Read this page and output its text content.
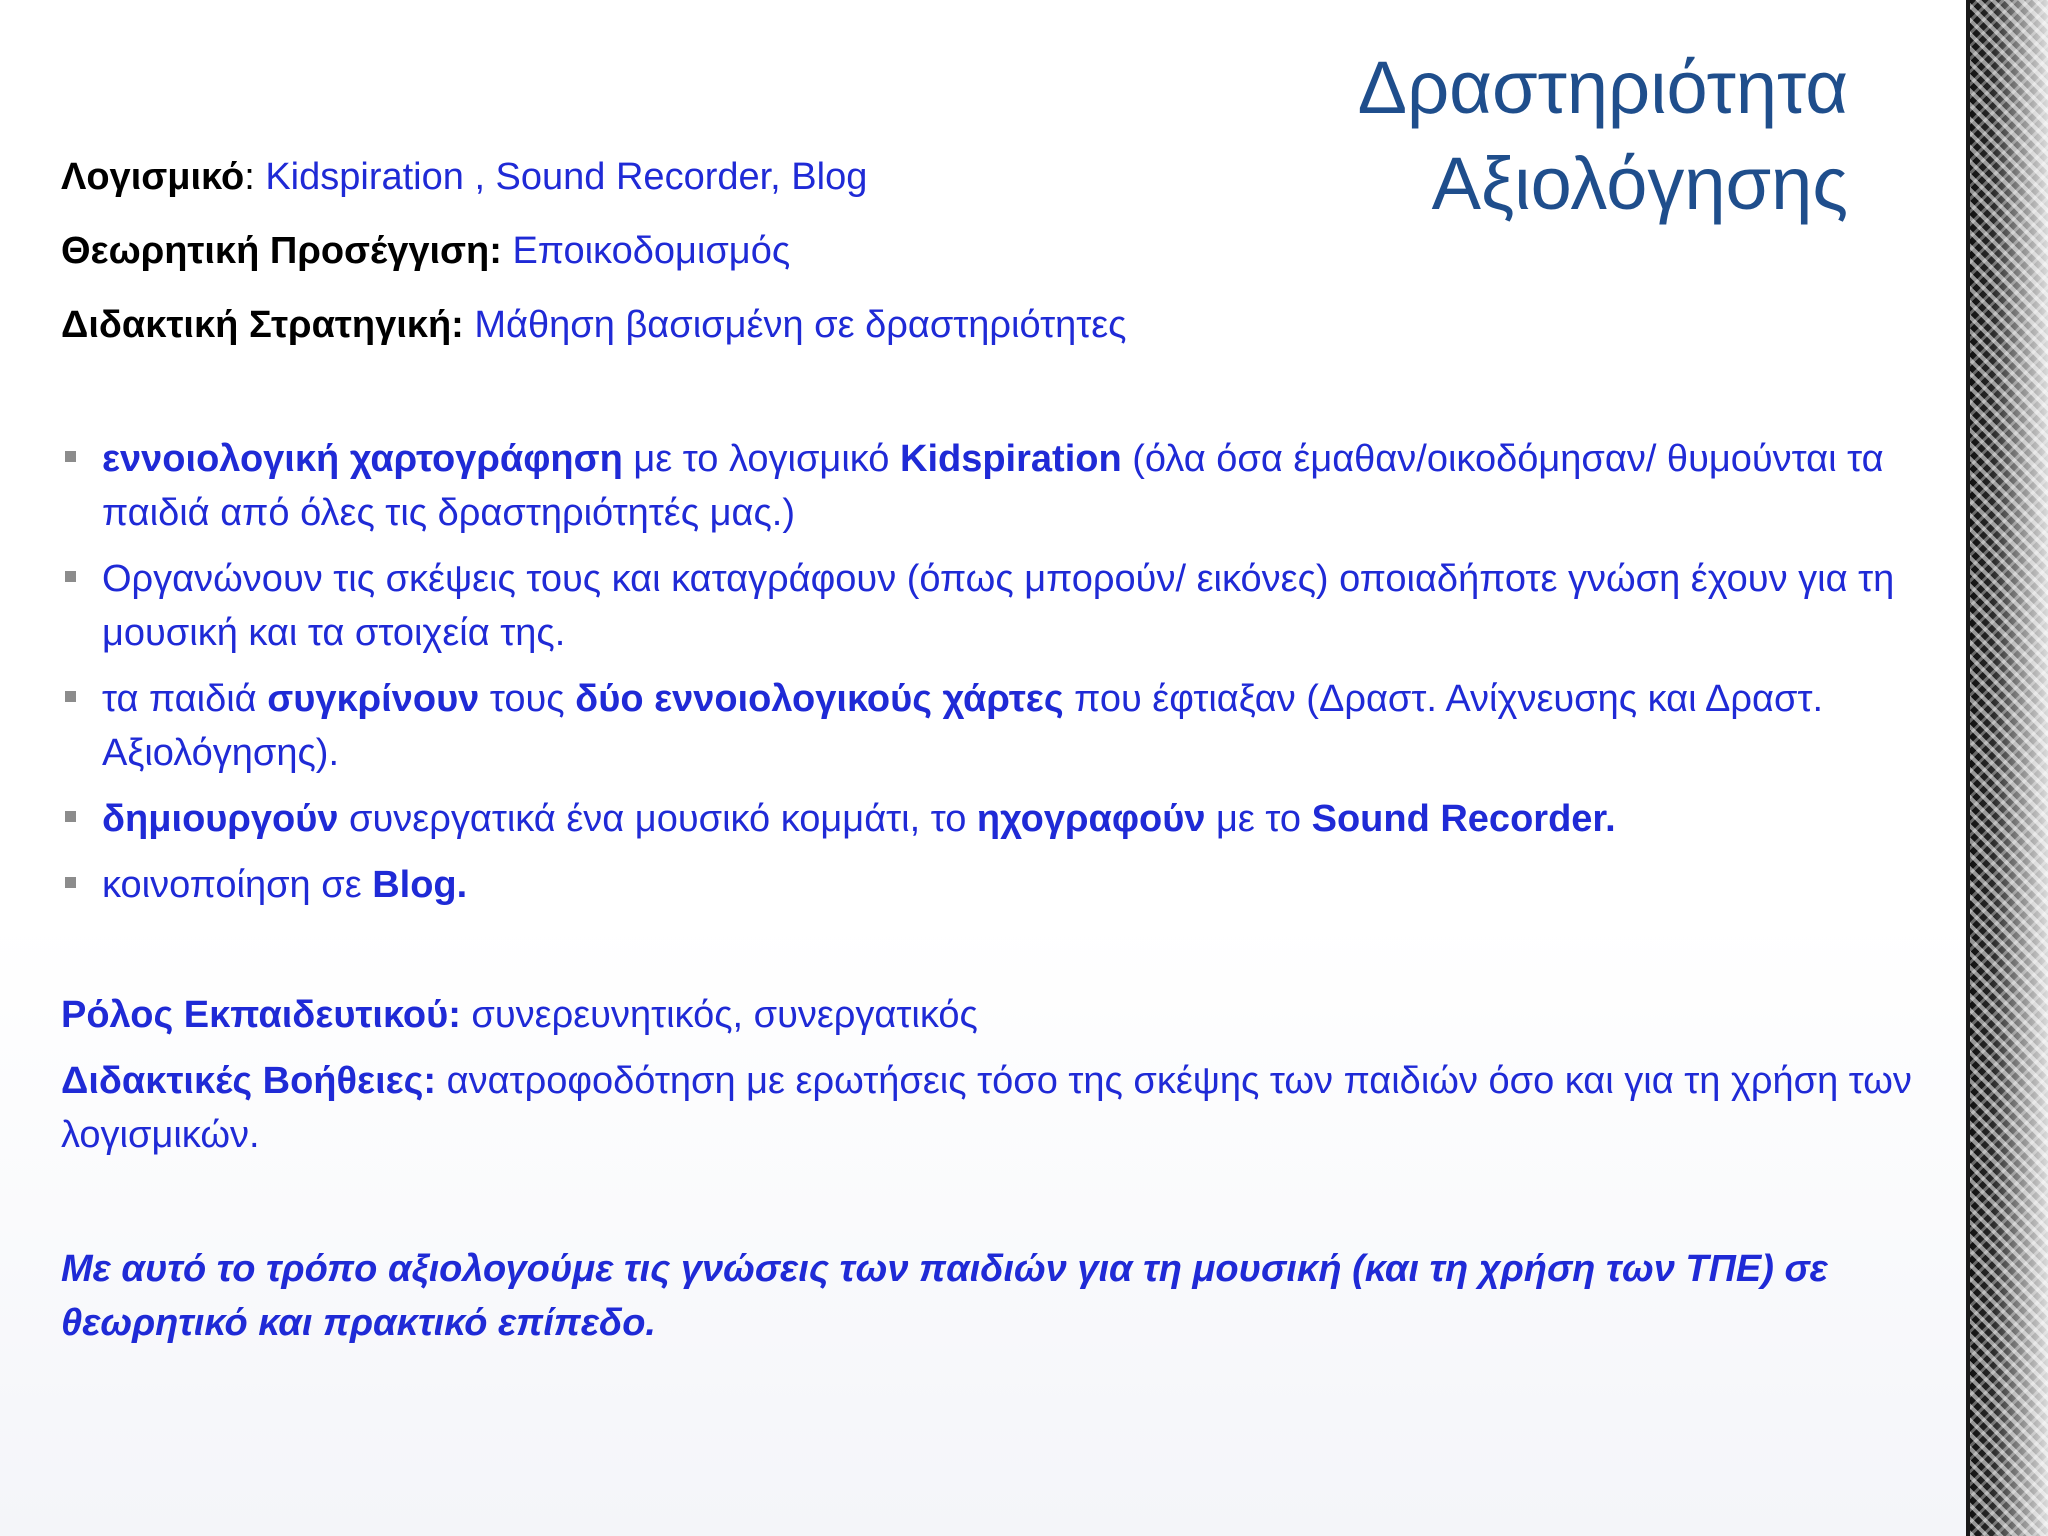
Δραστηριότητα
Αξιολόγησης
Λογισμικό: Kidspiration , Sound Recorder, Blog
Θεωρητική Προσέγγιση: Εποικοδομισμός
Διδακτική Στρατηγική: Μάθηση βασισμένη σε δραστηριότητες
εννοιολογική χαρτογράφηση με το λογισμικό Kidspiration (όλα όσα έμαθαν/οικοδόμησαν/ θυμούνται τα παιδιά από όλες τις δραστηριότητές μας.)
Οργανώνουν τις σκέψεις τους και καταγράφουν (όπως μπορούν/ εικόνες) οποιαδήποτε γνώση έχουν για τη μουσική και τα στοιχεία της.
τα παιδιά συγκρίνουν τους δύο εννοιολογικούς χάρτες που έφτιαξαν (Δραστ. Ανίχνευσης και Δραστ. Αξιολόγησης).
δημιουργούν συνεργατικά ένα μουσικό κομμάτι, το ηχογραφούν με το Sound Recorder.
κοινοποίηση σε Blog.
Ρόλος Εκπαιδευτικού: συνερευνητικός, συνεργατικός
Διδακτικές Βοήθειες: ανατροφοδότηση με ερωτήσεις τόσο της σκέψης των παιδιών όσο και για τη χρήση των λογισμικών.
Με αυτό το τρόπο αξιολογούμε τις γνώσεις των παιδιών για τη μουσική (και τη χρήση των ΤΠΕ) σε θεωρητικό και πρακτικό επίπεδο.
